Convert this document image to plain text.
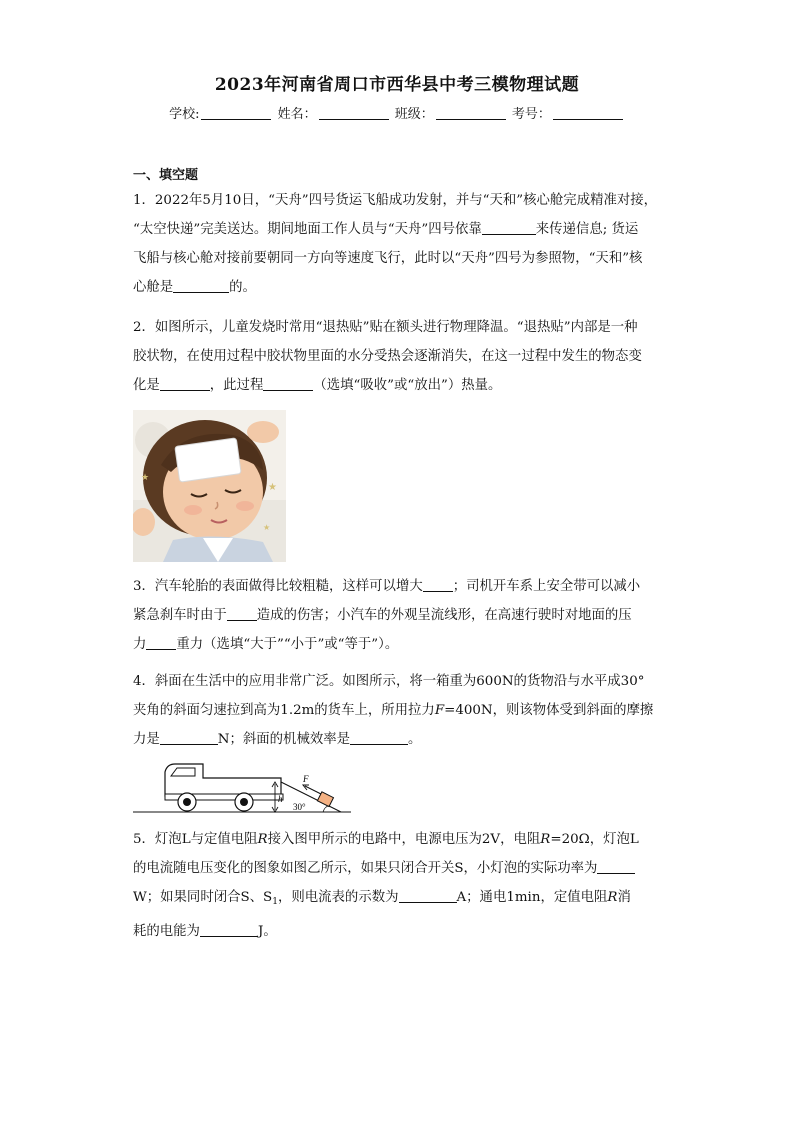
2023年河南省周口市西华县中考三模物理试题
学校:	姓名：	班级：	考号：
一、填空题
1．2022年5月10日，“天舟”四号货运飞船成功发射，并与“天和”核心舱完成精准对接，
“太空快递”完美送达。期间地面工作人员与“天舟”四号依靠	来传递信息; 货运
飞船与核心舱对接前要朝同一方向等速度飞行，此时以“天舟”四号为参照物，“天和”核
心舱是	的。
2．如图所示，儿童发烧时常用“退热贴”贴在额头进行物理降温。“退热贴”内部是一种
胶状物，在使用过程中胶状物里面的水分受热会逐渐消失，在这一过程中发生的物态变
化是	，此过程	（选填“吸收”或“放出”）热量。
★
★
★
3．汽车轮胎的表面做得比较粗糙，这样可以增大 ；司机开车系上安全带可以减小
紧急刹车时由于 造成的伤害；小汽车的外观呈流线形，在高速行驶时对地面的压
力 重力（选填“大于”“小于”或“等于”）。
4．斜面在生活中的应用非常广泛。如图所示，将一箱重为600N的货物沿与水平成30°
夹角的斜面匀速拉到高为1.2m的货车上，所用拉力F=400N，则该物体受到斜面的摩擦
力是	N；斜面的机械效率是	。
h
F
30°
5．灯泡L与定值电阻R接入图甲所示的电路中，电源电压为2V，电阻R=20Ω，灯泡L
的电流随电压变化的图象如图乙所示，如果只闭合开关S，小灯泡的实际功率为
W；如果同时闭合S、$S_1$，则电流表的示数为	A；通电1min，定值电阻R消
耗的电能为	J。
